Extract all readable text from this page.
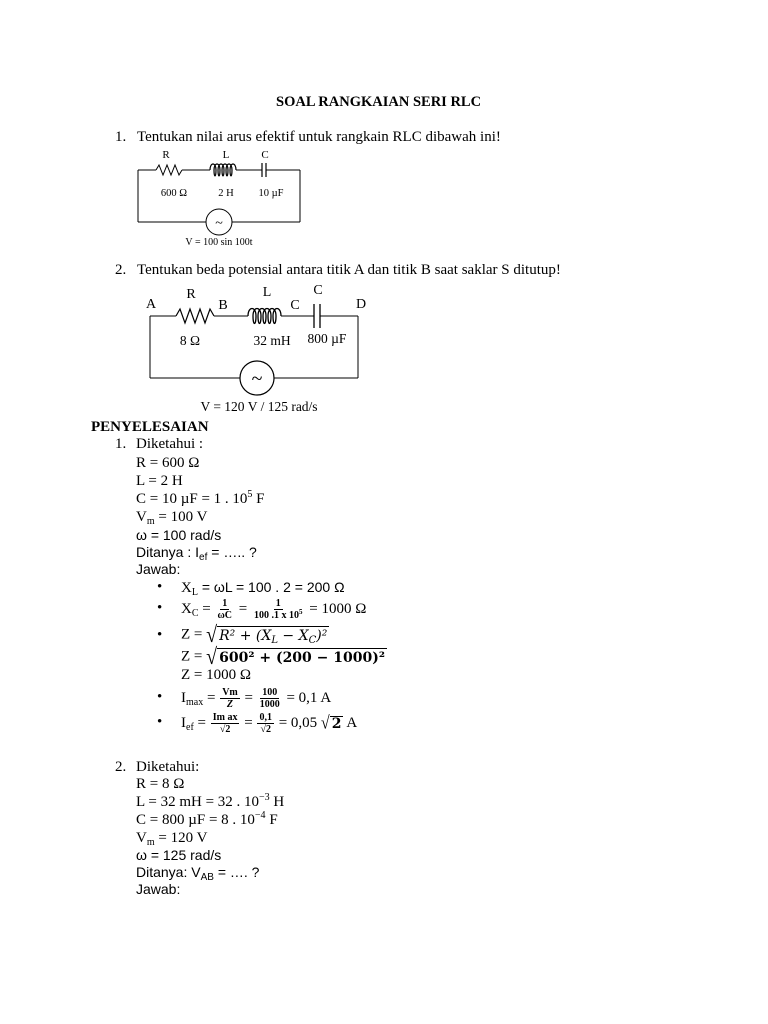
SOAL RANGKAIAN SERI RLC
1. Tentukan nilai arus efektif untuk rangkain RLC dibawah ini!
~
R	L	C
600 Ω	2 H 10 µF
V = 100 sin 100t
2. Tentukan beda potensial antara titik A dan titik B saat saklar S ditutup!
~
A
R
B
L
C
C
D
8 Ω	32 mH 800 µF
V = 120 V / 125 rad/s
PENYELESAIAN
1. Diketahui :
R = 600 Ω
L = 2 H
C = 10 µF = 1 . $10^5$ F
$V_m = 100$ V
ω = 100 rad/s
Ditanya : $I_{ef}$ = ….. ?
Jawab:
• $X_L = \omega L = 100$ . 2 = 200 Ω
• $X_C = \frac{1}{\omega C} = \frac{1}{100 .1 x 10^5} = 1000$ Ω
• Z = √ $R^2 + (X_L - X_C)^2$
Z = √ 600² + (200 − 1000)²
Z = 1000 Ω
• $I_{max} = \frac{Vm}{Z} = \frac{100}{1000} = 0,1$ A
• $I_{ef} = \frac{\text{Im ax}}{√2} = \frac{0,1}{√2} = 0,05$ √ 2 A
2. Diketahui:
R = 8 Ω
L = 32 mH = 32 . $10^{-3}$ H
C = 800 µF = 8 . $10^{-4}$ F
$V_m = 120$ V
ω = 125 rad/s
Ditanya: $V_{AB}$ = …. ?
Jawab:
